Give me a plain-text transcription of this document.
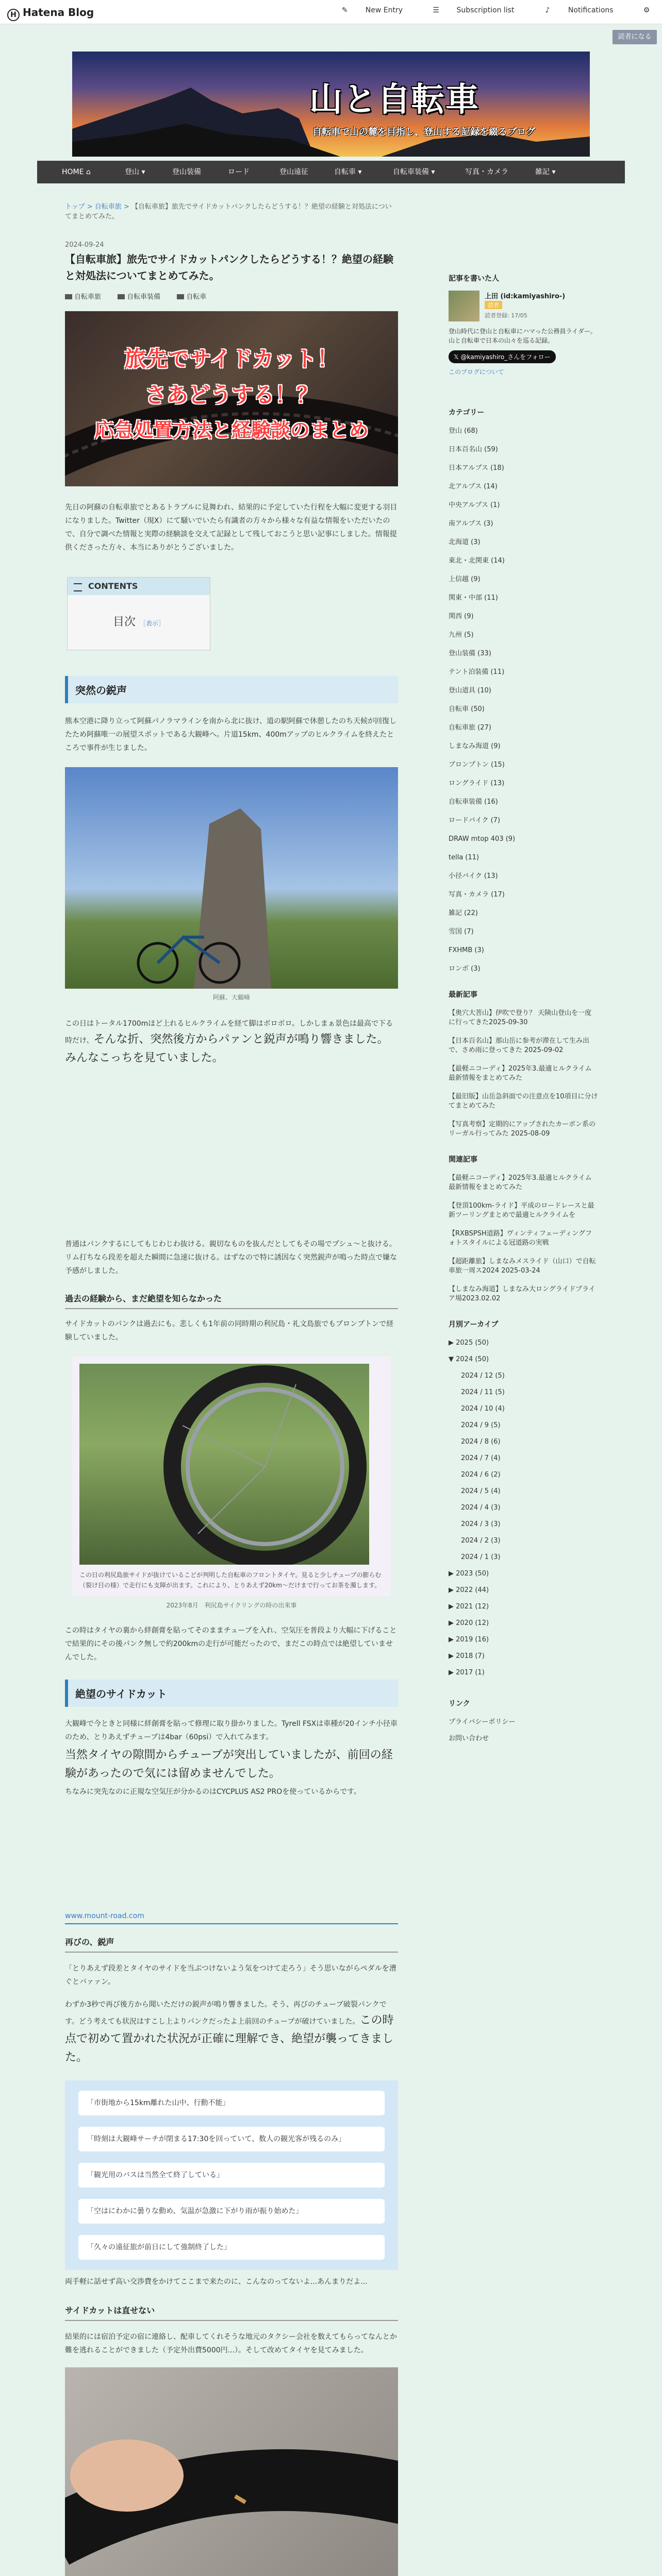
H Hatena Blog	✎ New Entry	☰ Subscription list	♪	Notifications	⚙
読者になる
山と自転車
自転車で山の麓を目指し、登山する記録を綴るブログ
HOME ⌂	登山 ▾	登山装備	ロード	登山遠征	自転車 ▾	自転車装備 ▾	写真・カメラ	雑記 ▾
トップ > 自転車旅 > 【自転車旅】旅先でサイドカットパンクしたらどうする！？絶望の経験と対処法についてまとめてみた。
2024-09-24
【自転車旅】旅先でサイドカットパンクしたらどうする！？絶望の経験と対処法についてまとめてみた。
自転車旅	自転車装備	自転車
旅先でサイドカット！
さあどうする！？
応急処置方法と経験談のまとめ
先日の阿蘇の自転車旅でとあるトラブルに見舞われ、結果的に予定していた行程を大幅に変更する羽目になりました。Twitter（現X）にて騒いでいたら有識者の方々から様々な有益な情報をいただいたので、自分で調べた情報と実際の経験談を交えて記録として残しておこうと思い記事にしました。情報提供くださった方々、本当にありがとうございました。
CONTENTS
目次 ［表示］
突然の鋭声
熊本空港に降り立って阿蘇パノラマラインを南から北に抜け、道の駅阿蘇で休憩したのち天候が回復したため阿蘇唯一の展望スポットである大観峰へ。片道15km、400mアップのヒルクライムを終えたところで事件が生じました。
阿蘇、大観峰
この日はトータル1700mほど上れるヒルクライムを経て脚はボロボロ。しかしまぁ景色は最高で下る時だけ、そんな折、突然後方からパァンと鋭声が鳴り響きました。みんなこっちを見ていました。
普通はパンクするにしてもじわじわ抜ける。親切なものを抜んだとしてもその場でプシュ〜と抜ける。リム打ちなら段差を超えた瞬間に急速に抜ける。はずなので特に誘因なく突然鋭声が鳴った時点で嫌な予感がしました。
過去の経験から、まだ絶望を知らなかった
サイドカットのパンクは過去にも。悲しくも1年前の同時期の利尻島・礼文島旅でもプロンプトンで経験していました。
この日の利尻島旅サイドが抜けているこどが判明した自転車のフロントタイヤ。見ると少しチューブの膨らむ（裂け目の様）で走行にも支障が出ます。これにより、とりあえず20km〜だけまで行ってお茶を濁します。
2023年8月　利尻島サイクリングの時の出来事
この時はタイヤの裏から絆創膏を貼ってそのままチューブを入れ、空気圧を普段より大幅に下げることで結果的にその後パンク無しで約200kmの走行が可能だったので、まだこの時点では絶望していませんでした。
絶望のサイドカット
大観峰で今ときと同様に絆創膏を貼って修理に取り掛かりました。Tyrell FSXは車種が20インチ小径車のため、とりあえずチューブは4bar（60psi）で入れてみます。
当然タイヤの隙間からチューブが突出していましたが、前回の経験があったので気には留めませんでした。
ちなみに突先なのに正規な空気圧が分かるのはCYCPLUS AS2 PROを使っているからです。
www.mount-road.com
再びの、鋭声
「とりあえず段差とタイヤのサイドを当ぶつけないよう気をつけて走ろう」そう思いながらペダルを漕ぐとバァァン。
わずか3秒で再び後方から聞いただけの鋭声が鳴り響きました。そう、再びのチューブ破裂パンクです。どう考えても状況はすこし上よりパンクだったよ上前回のチューブが破けていました。この時点で初めて置かれた状況が正確に理解でき、絶望が襲ってきました。
「市街地から15km離れた山中、行動不能」
「時刻は大観峰サーチが閉まる17:30を回っていて、数人の観光客が残るのみ」
「観光用のバスは当然全て終了している」
「空はにわかに曇りな動め、気温が急激に下がり雨が振り始めた」
「久々の遠征旅が前日にして強制終了した」
両手軽に話せず高い交渉費をかけてここまで来たのに、こんなのってないよ...あんまりだよ...
サイドカットは直せない
結果的には宿泊予定の宿に連絡し、配車してくれそうな地元のタクシー会社を数えてもらってなんとか難を逃れることができました（予定外出費5000円...）。そして改めてタイヤを見てみました。
記事を書いた人
上田 (id:kamiyashiro-)
読者
読者登録: 17/05
登山時代に登山と自転車にハマった公務員ライダー。山と自転車で日本の山々を巡る記録。
𝕏 @kamiyashiro_さんをフォロー
このブログについて
カテゴリー
登山 (68)
日本百名山 (59)
日本アルプス (18)
北アルプス (14)
中央アルプス (1)
南アルプス (3)
北海道 (3)
東北・北関東 (14)
上信越 (9)
関東・中部 (11)
関西 (9)
九州 (5)
登山装備 (33)
テント泊装備 (11)
登山道具 (10)
自転車 (50)
自転車旅 (27)
しまなみ海道 (9)
ブロンプトン (15)
ロングライド (13)
自転車装備 (16)
ロードバイク (7)
DRAW mtop 403 (9)
tella (11)
小径バイク (13)
写真・カメラ (17)
雑記 (22)
雪国 (7)
FXHMB (3)
ロンボ (3)
最新記事
【奥穴大菩山】伊吹で登り？ 天険山登山を一度に行ってきた2025-09-30
【日本百名山】那山岳に参考が滞在して生み出で、さめ雨に登ってきた 2025-09-02
【最軽ニコーディ】2025年3.最適ヒルクライム最新情報をまとめてみた
【最旧版】山岳急斜面での注意点を10項目に分けてまとめてみた
【写真考察】定期的にアップされたカーボン系のリーガル行ってみた 2025-08-09
関連記事
【最軽ニコーディ】2025年3.最適ヒルクライム最新情報をまとめてみた
【登頂100km-ライド】平成のロードレースと最新ツーリングまとめで最適ヒルクライムを
【RXBSPSH道路】ヴィンティフェーディングフォトスタイルによる冠道路の実戦
【超距離旅】しまなみメスライド（山口）で自転車旅一周ス2024 2025-03-24
【しまなみ海道】しまなみ大ロングライドプライア場2023.02.02
月別アーカイブ
▶ 2025 (50)
▼ 2024 (50)
2024 / 12 (5)
2024 / 11 (5)
2024 / 10 (4)
2024 / 9 (5)
2024 / 8 (6)
2024 / 7 (4)
2024 / 6 (2)
2024 / 5 (4)
2024 / 4 (3)
2024 / 3 (3)
2024 / 2 (3)
2024 / 1 (3)
▶ 2023 (50)
▶ 2022 (44)
▶ 2021 (12)
▶ 2020 (12)
▶ 2019 (16)
▶ 2018 (7)
▶ 2017 (1)
リンク
プライバシーポリシー
お問い合わせ
